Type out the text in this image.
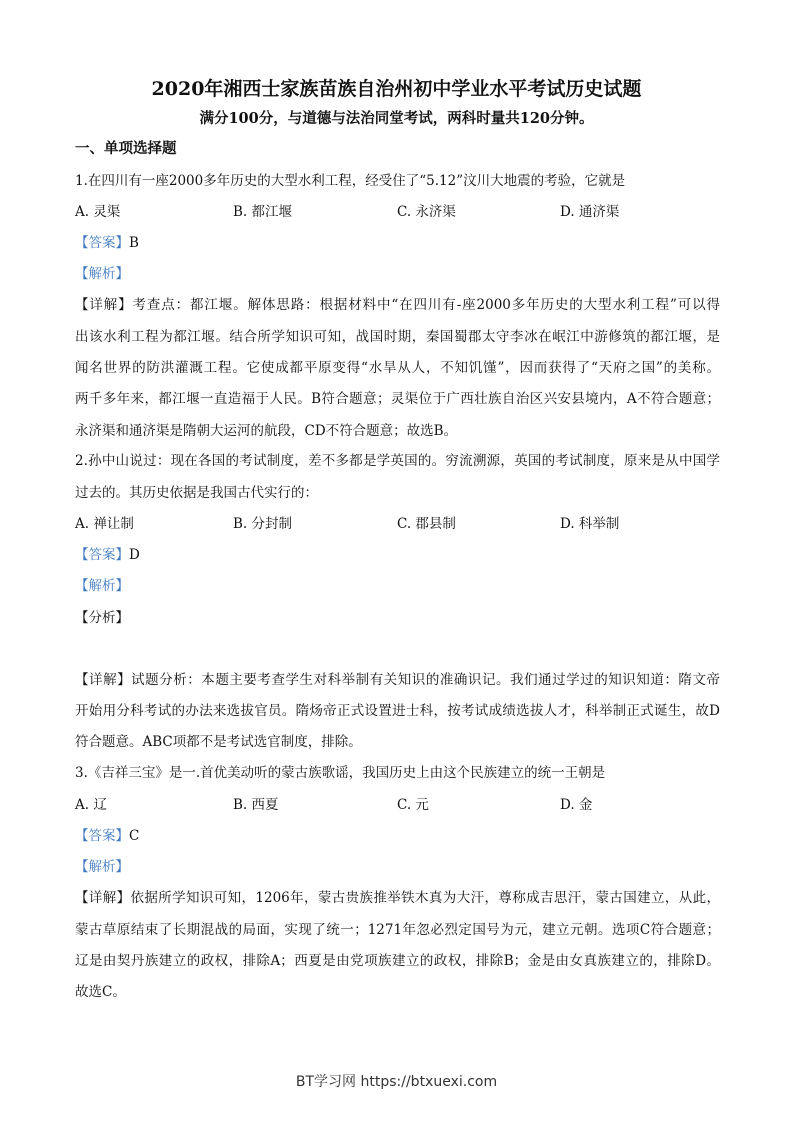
2020年湘西士家族苗族自治州初中学业水平考试历史试题
满分100分，与道德与法治同堂考试，两科时量共120分钟。
一、单项选择题
1.在四川有一座2000多年历史的大型水利工程，经受住了“5.12”汶川大地震的考验，它就是
A. 灵渠	B. 都江堰	C. 永济渠	D. 通济渠
【答案】B
【解析】
【详解】考查点：都江堰。解体思路：根据材料中“在四川有-座2000多年历史的大型水利工程”可以得
出该水利工程为都江堰。结合所学知识可知，战国时期，秦国蜀郡太守李冰在岷江中游修筑的都江堰，是
闻名世界的防洪灌溉工程。它使成都平原变得“水旱从人，不知饥馑”，因而获得了“天府之国”的美称。
两千多年来，都江堰一直造福于人民。B符合题意；灵渠位于广西壮族自治区兴安县境内，A不符合题意；
永济渠和通济渠是隋朝大运河的航段，CD不符合题意；故选B。
2.孙中山说过：现在各国的考试制度，差不多都是学英国的。穷流溯源，英国的考试制度，原来是从中国学
过去的。其历史依据是我国古代实行的：
A. 禅让制	B. 分封制	C. 郡县制	D. 科举制
【答案】D
【解析】
【分析】
【详解】试题分析：本题主要考查学生对科举制有关知识的准确识记。我们通过学过的知识知道：隋文帝
开始用分科考试的办法来选拔官员。隋炀帝正式设置进士科，按考试成绩选拔人才，科举制正式诞生，故D
符合题意。ABC项都不是考试选官制度，排除。
3.《吉祥三宝》是一.首优美动听的蒙古族歌谣，我国历史上由这个民族建立的统一王朝是
A. 辽	B. 西夏	C. 元	D. 金
【答案】C
【解析】
【详解】依据所学知识可知，1206年，蒙古贵族推举铁木真为大汗，尊称成吉思汗，蒙古国建立，从此，
蒙古草原结束了长期混战的局面，实现了统一；1271年忽必烈定国号为元，建立元朝。选项C符合题意；
辽是由契丹族建立的政权，排除A；西夏是由党项族建立的政权，排除B；金是由女真族建立的，排除D。
故选C。
BT学习网 https://btxuexi.com
